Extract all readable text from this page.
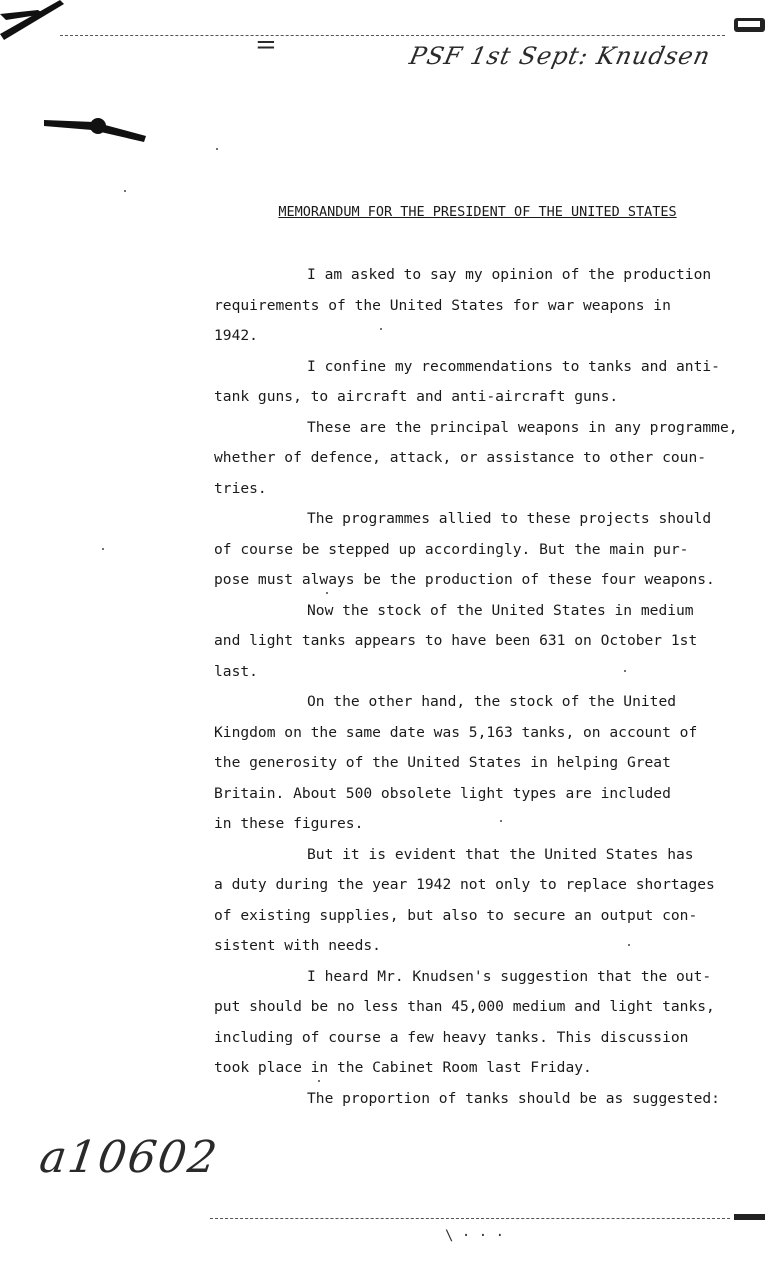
=	PSF 1st Sept: Knudsen
MEMORANDUM FOR THE PRESIDENT OF THE UNITED STATES
I am asked to say my opinion of the production
requirements of the United States for war weapons in
1942.
I confine my recommendations to tanks and anti-
tank guns, to aircraft and anti-aircraft guns.
These are the principal weapons in any programme,
whether of defence, attack, or assistance to other coun-
tries.
The programmes allied to these projects should
of course be stepped up accordingly. But the main pur-
pose must always be the production of these four weapons.
Now the stock of the United States in medium
and light tanks appears to have been 631 on October 1st
last.
On the other hand, the stock of the United
Kingdom on the same date was 5,163 tanks, on account of
the generosity of the United States in helping Great
Britain. About 500 obsolete light types are included
in these figures.
But it is evident that the United States has
a duty during the year 1942 not only to replace shortages
of existing supplies, but also to secure an output con-
sistent with needs.
I heard Mr. Knudsen's suggestion that the out-
put should be no less than 45,000 medium and light tanks,
including of course a few heavy tanks. This discussion
took place in the Cabinet Room last Friday.
The proportion of tanks should be as suggested:
a10602
\ · · ·
